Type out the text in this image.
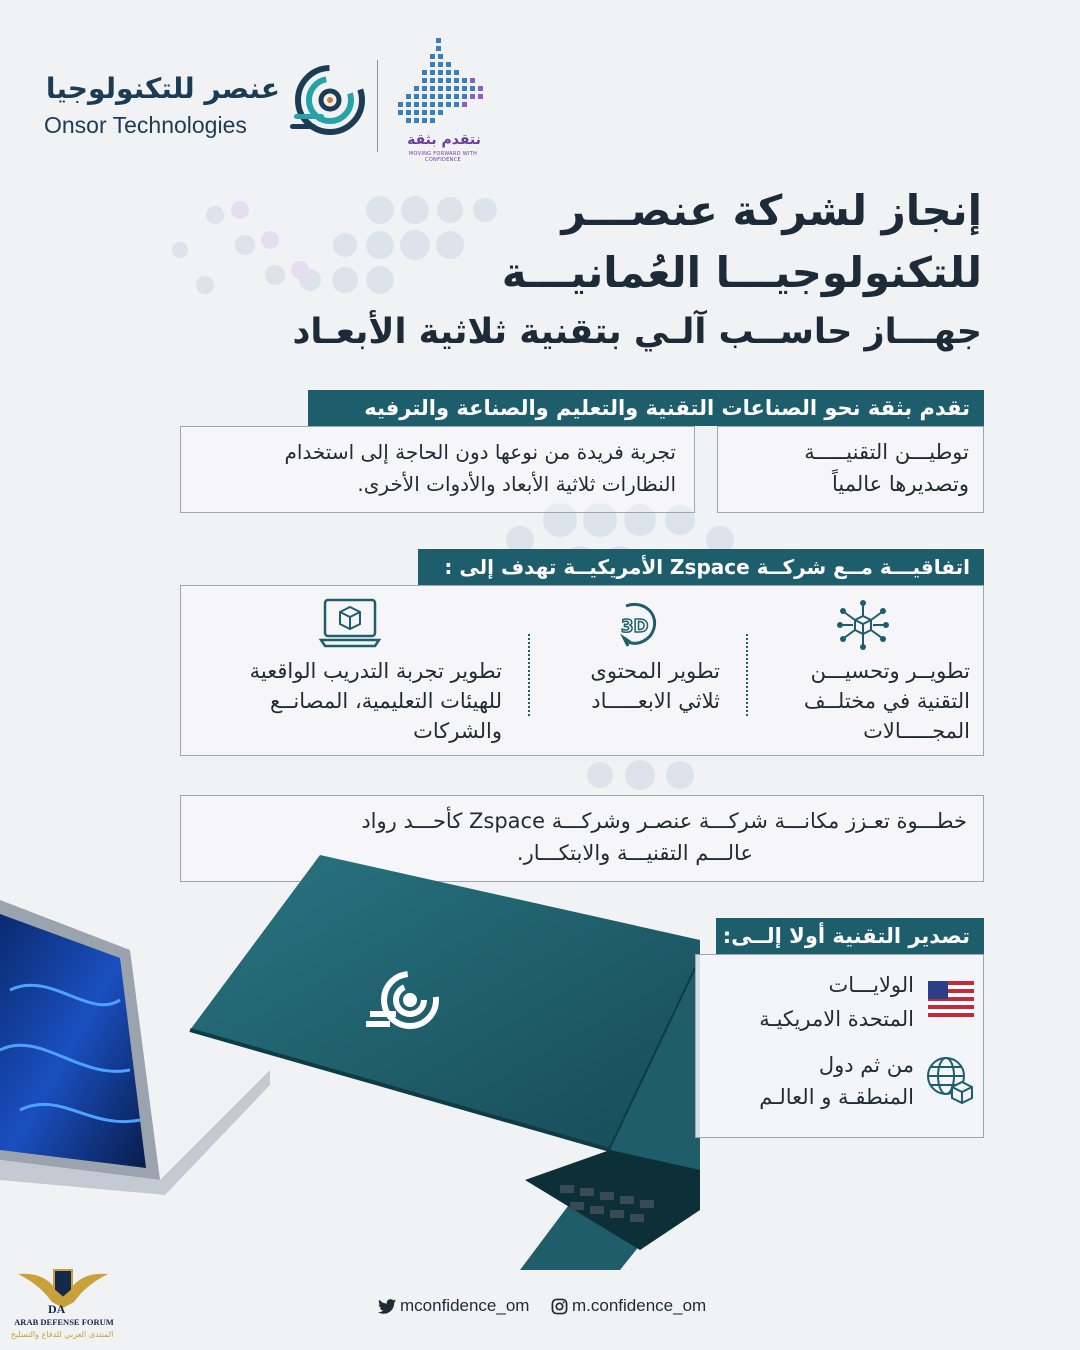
عنصر للتكنولوجيا
Onsor Technologies
نتقدم بثقة
MOVING FORWARD WITH CONFIDENCE
إنجاز لشركة عنصـــر
للتكنولوجيـــا العُمانيـــة
جهـــاز حاســب آلـي بتقنية ثلاثية الأبعـاد
تقدم بثقة نحو الصناعات التقنية والتعليم والصناعة والترفيه
توطيـــن التقنيـــــة
وتصديرها عالمياً
تجربة فريدة من نوعها دون الحاجة إلى استخدام
النظارات ثلاثية الأبعاد والأدوات الأخرى.
اتفاقيـــة مــع شركــة Zspace الأمريكيــة تهدف إلى :
تطويــر وتحسيـــن
التقنية في مختلــف
المجـــــالات
3D
تطوير المحتوى
ثلاثي الابعـــــاد
تطوير تجربة التدريب الواقعية
للهيئات التعليمية، المصانــع
والشركات
خطـــوة تعـزز مكانـــة شركـــة عنصـر وشركـــة Zspace كأحـــد رواد
عالـــم التقنيـــة والابتكـــار.
تصدير التقنية أولا إلــى:
الولايـــات
المتحدة الامريكيـة
من ثم دول
المنطقـة و العالـم
mconfidence_om	m.confidence_om
DA
ARAB DEFENSE FORUM
المنتدى العربي للدفاع والتسليح
